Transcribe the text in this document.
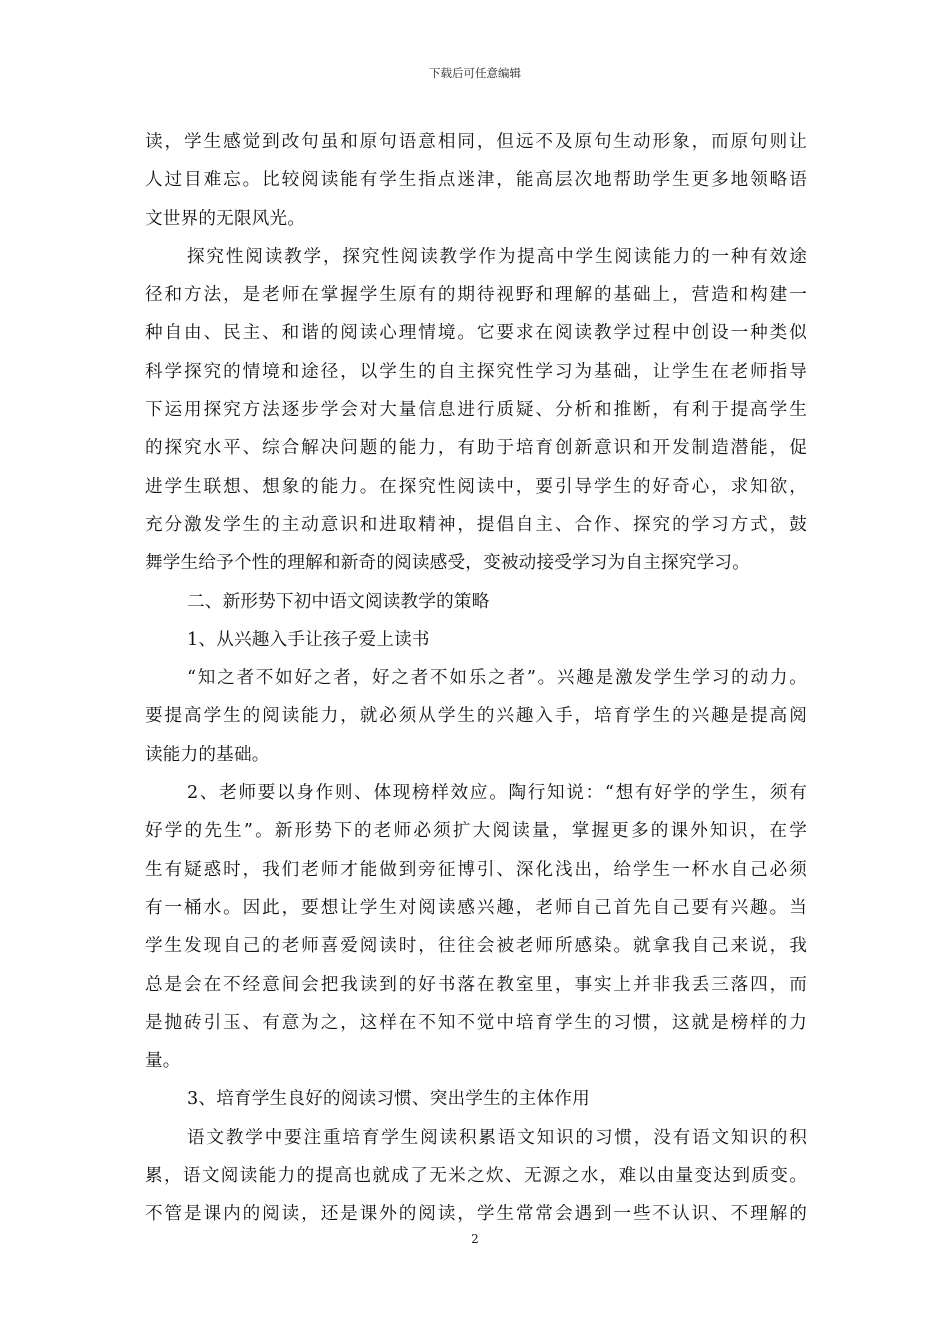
下载后可任意编辑
读，学生感觉到改句虽和原句语意相同，但远不及原句生动形象，而原句则让
人过目难忘。比较阅读能有学生指点迷津，能高层次地帮助学生更多地领略语
文世界的无限风光。
探究性阅读教学，探究性阅读教学作为提高中学生阅读能力的一种有效途
径和方法，是老师在掌握学生原有的期待视野和理解的基础上，营造和构建一
种自由、民主、和谐的阅读心理情境。它要求在阅读教学过程中创设一种类似
科学探究的情境和途径，以学生的自主探究性学习为基础，让学生在老师指导
下运用探究方法逐步学会对大量信息进行质疑、分析和推断，有利于提高学生
的探究水平、综合解决问题的能力，有助于培育创新意识和开发制造潜能，促
进学生联想、想象的能力。在探究性阅读中，要引导学生的好奇心，求知欲，
充分激发学生的主动意识和进取精神，提倡自主、合作、探究的学习方式，鼓
舞学生给予个性的理解和新奇的阅读感受，变被动接受学习为自主探究学习。
二、新形势下初中语文阅读教学的策略
1、从兴趣入手让孩子爱上读书
“知之者不如好之者，好之者不如乐之者”。兴趣是激发学生学习的动力。
要提高学生的阅读能力，就必须从学生的兴趣入手，培育学生的兴趣是提高阅
读能力的基础。
2、老师要以身作则、体现榜样效应。陶行知说：“想有好学的学生，须有
好学的先生”。新形势下的老师必须扩大阅读量，掌握更多的课外知识，在学
生有疑惑时，我们老师才能做到旁征博引、深化浅出，给学生一杯水自己必须
有一桶水。因此，要想让学生对阅读感兴趣，老师自己首先自己要有兴趣。当
学生发现自己的老师喜爱阅读时，往往会被老师所感染。就拿我自己来说，我
总是会在不经意间会把我读到的好书落在教室里，事实上并非我丢三落四，而
是抛砖引玉、有意为之，这样在不知不觉中培育学生的习惯，这就是榜样的力
量。
3、培育学生良好的阅读习惯、突出学生的主体作用
语文教学中要注重培育学生阅读积累语文知识的习惯，没有语文知识的积
累，语文阅读能力的提高也就成了无米之炊、无源之水，难以由量变达到质变。
不管是课内的阅读，还是课外的阅读，学生常常会遇到一些不认识、不理解的
2
